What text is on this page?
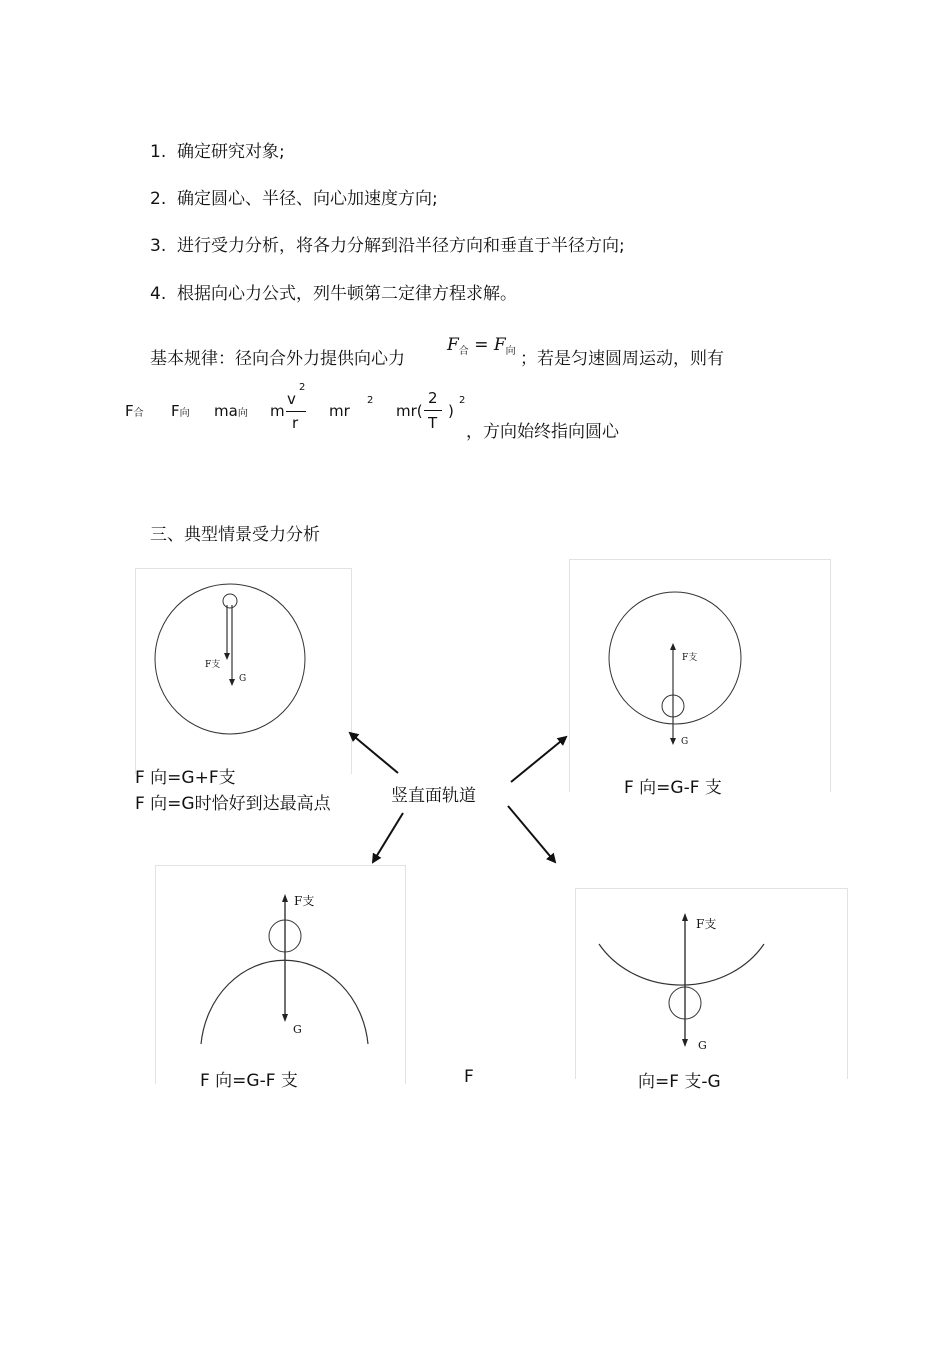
1. 确定研究对象;
2. 确定圆心、半径、向心加速度方向;
3. 进行受力分析，将各力分解到沿半径方向和垂直于半径方向;
4. 根据向心力公式，列牛顿第二定律方程求解。
基本规律：径向合外力提供向心力
$F_合 = F_向$ ；若是匀速圆周运动，则有
F合 F向 ma向 m
v
2
r
mr
2
mr(
2
T
)
2
，方向始终指向圆心
三、典型情景受力分析
F支
G
F 向=G+F支
F 向=G时恰好到达最高点
F支
G
F 向=G-F 支
竖直面轨道
F支
G
F 向=G-F 支
F支
G
F	向=F 支-G
